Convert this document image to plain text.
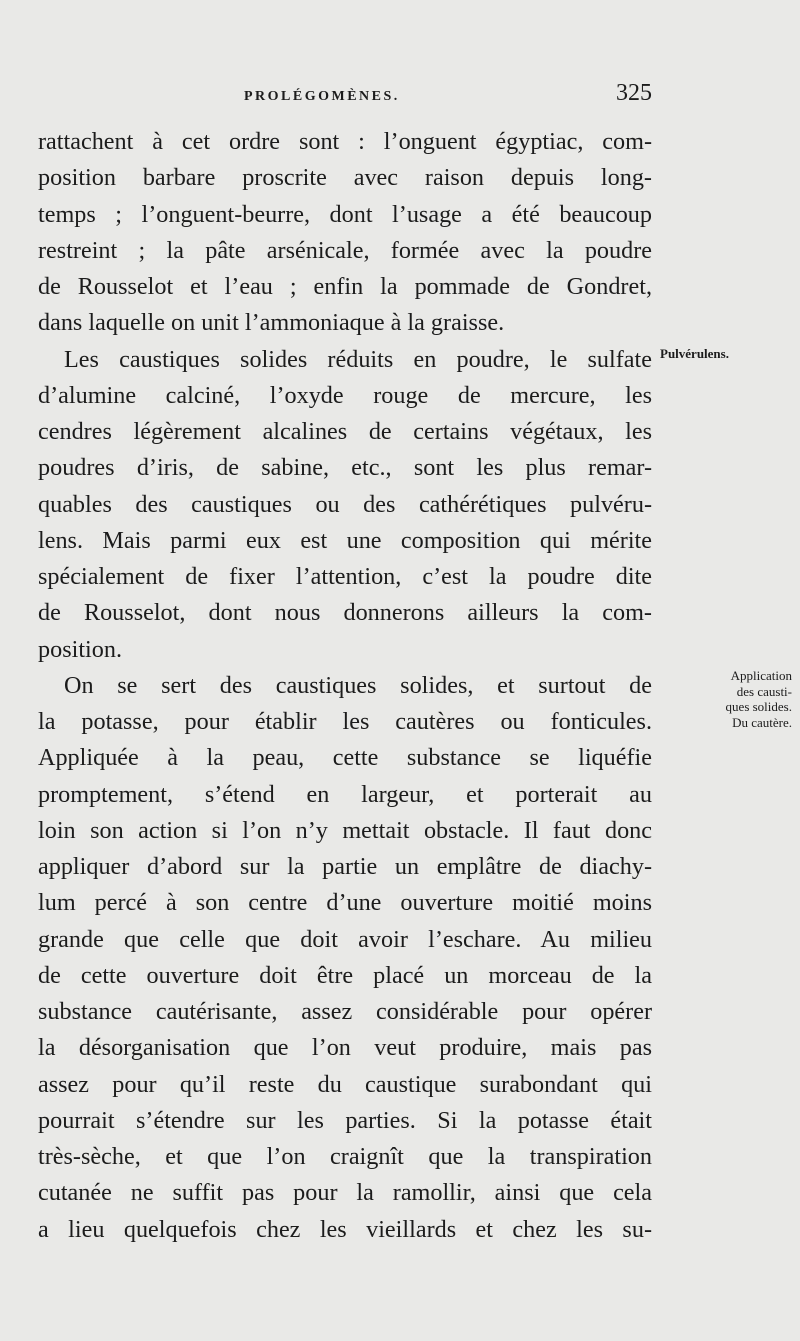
PROLÉGOMÈNES.	325
rattachent à cet ordre sont : l’onguent égyptiac, com-
position barbare proscrite avec raison depuis long-
temps ; l’onguent-beurre, dont l’usage a été beaucoup
restreint ; la pâte arsénicale, formée avec la poudre
de Rousselot et l’eau ; enfin la pommade de Gondret,
dans laquelle on unit l’ammoniaque à la graisse.
Les caustiques solides réduits en poudre, le sulfate
d’alumine calciné, l’oxyde rouge de mercure, les
cendres légèrement alcalines de certains végétaux, les
poudres d’iris, de sabine, etc., sont les plus remar-
quables des caustiques ou des cathérétiques pulvéru-
lens. Mais parmi eux est une composition qui mérite
spécialement de fixer l’attention, c’est la poudre dite
de Rousselot, dont nous donnerons ailleurs la com-
position.
On se sert des caustiques solides, et surtout de
la potasse, pour établir les cautères ou fonticules.
Appliquée à la peau, cette substance se liquéfie
promptement, s’étend en largeur, et porterait au
loin son action si l’on n’y mettait obstacle. Il faut donc
appliquer d’abord sur la partie un emplâtre de diachy-
lum percé à son centre d’une ouverture moitié moins
grande que celle que doit avoir l’eschare. Au milieu
de cette ouverture doit être placé un morceau de la
substance cautérisante, assez considérable pour opérer
la désorganisation que l’on veut produire, mais pas
assez pour qu’il reste du caustique surabondant qui
pourrait s’étendre sur les parties. Si la potasse était
très-sèche, et que l’on craignît que la transpiration
cutanée ne suffit pas pour la ramollir, ainsi que cela
a lieu quelquefois chez les vieillards et chez les su-
Pulvérulens.
Application
des causti-
ques solides.
Du cautère.
